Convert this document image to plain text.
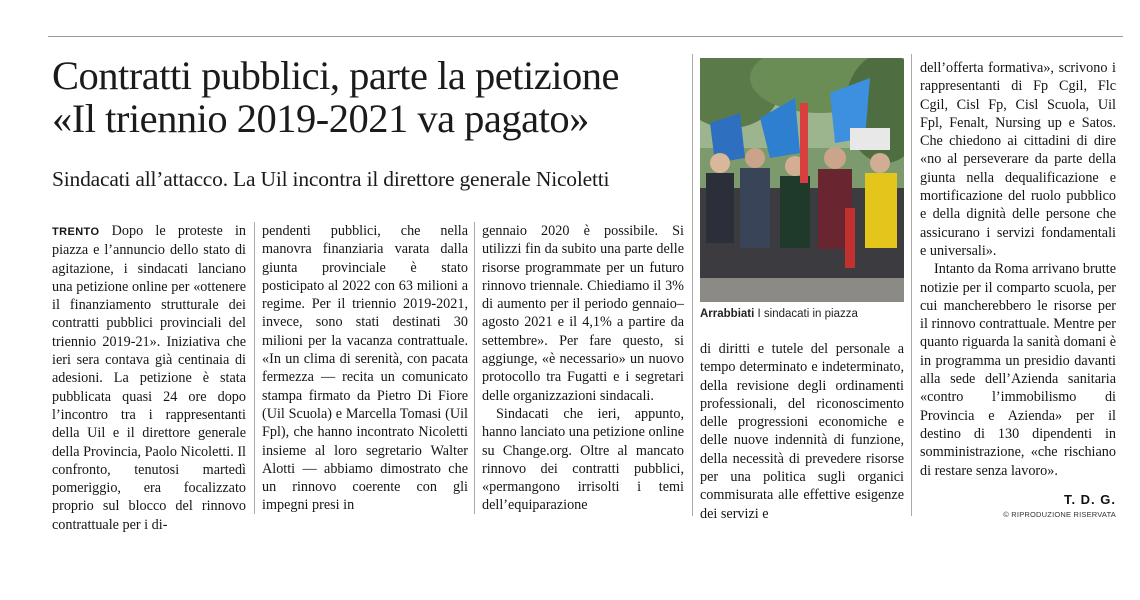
Contratti pubblici, parte la petizione
«Il triennio 2019-2021 va pagato»
Sindacati all’attacco. La Uil incontra il direttore generale Nicoletti

TRENTO Dopo le proteste in piazza e l’annuncio dello stato di agitazione, i sindacati lanciano una petizione online per «ottenere il finanziamento strutturale dei contratti pubblici provinciali del triennio 2019-21». Iniziativa che ieri sera contava già centinaia di adesioni. La petizione è stata pubblicata quasi 24 ore dopo l’incontro tra i rappresentanti della Uil e il direttore generale della Provincia, Paolo Nicoletti. Il confronto, tenutosi martedì pomeriggio, era focalizzato proprio sul blocco del rinnovo contrattuale per i di-

pendenti pubblici, che nella manovra finanziaria varata dalla giunta provinciale è stato posticipato al 2022 con 63 milioni a regime. Per il triennio 2019-2021, invece, sono stati destinati 30 milioni per la vacanza contrattuale. «In un clima di serenità, con pacata fermezza — recita un comunicato stampa firmato da Pietro Di Fiore (Uil Scuola) e Marcella Tomasi (Uil Fpl), che hanno incontrato Nicoletti insieme al loro segretario Walter Alotti — abbiamo dimostrato che un rinnovo coerente con gli impegni presi in

gennaio 2020 è possibile. Si utilizzi fin da subito una parte delle risorse programmate per un futuro rinnovo triennale. Chiediamo il 3% di aumento per il periodo gennaio–agosto 2021 e il 4,1% a partire da settembre». Per fare questo, si aggiunge, «è necessario» un nuovo protocollo tra Fugatti e i segretari delle organizzazioni sindacali.

Sindacati che ieri, appunto, hanno lanciato una petizione online su Change.org. Oltre al mancato rinnovo dei contratti pubblici, «permangono irrisolti i temi dell’equiparazione

Arrabbiati I sindacati in piazza

di diritti e tutele del personale a tempo determinato e indeterminato, della revisione degli ordinamenti professionali, del riconoscimento delle progressioni economiche e delle nuove indennità di funzione, della necessità di prevedere risorse per una politica sugli organici commisurata alle effettive esigenze dei servizi e

dell’offerta formativa», scrivono i rappresentanti di Fp Cgil, Flc Cgil, Cisl Fp, Cisl Scuola, Uil Fpl, Fenalt, Nursing up e Satos. Che chiedono ai cittadini di dire «no al perseverare da parte della giunta nella dequalificazione e mortificazione del ruolo pubblico e della dignità delle persone che assicurano i servizi fondamentali e universali».

Intanto da Roma arrivano brutte notizie per il comparto scuola, per cui mancherebbero le risorse per il rinnovo contrattuale. Mentre per quanto riguarda la sanità domani è in programma un presidio davanti alla sede dell’Azienda sanitaria «contro l’immobilismo di Provincia e Azienda» per il destino di 130 dipendenti in somministrazione, «che rischiano di restare senza lavoro».

T. D. G.
© RIPRODUZIONE RISERVATA
